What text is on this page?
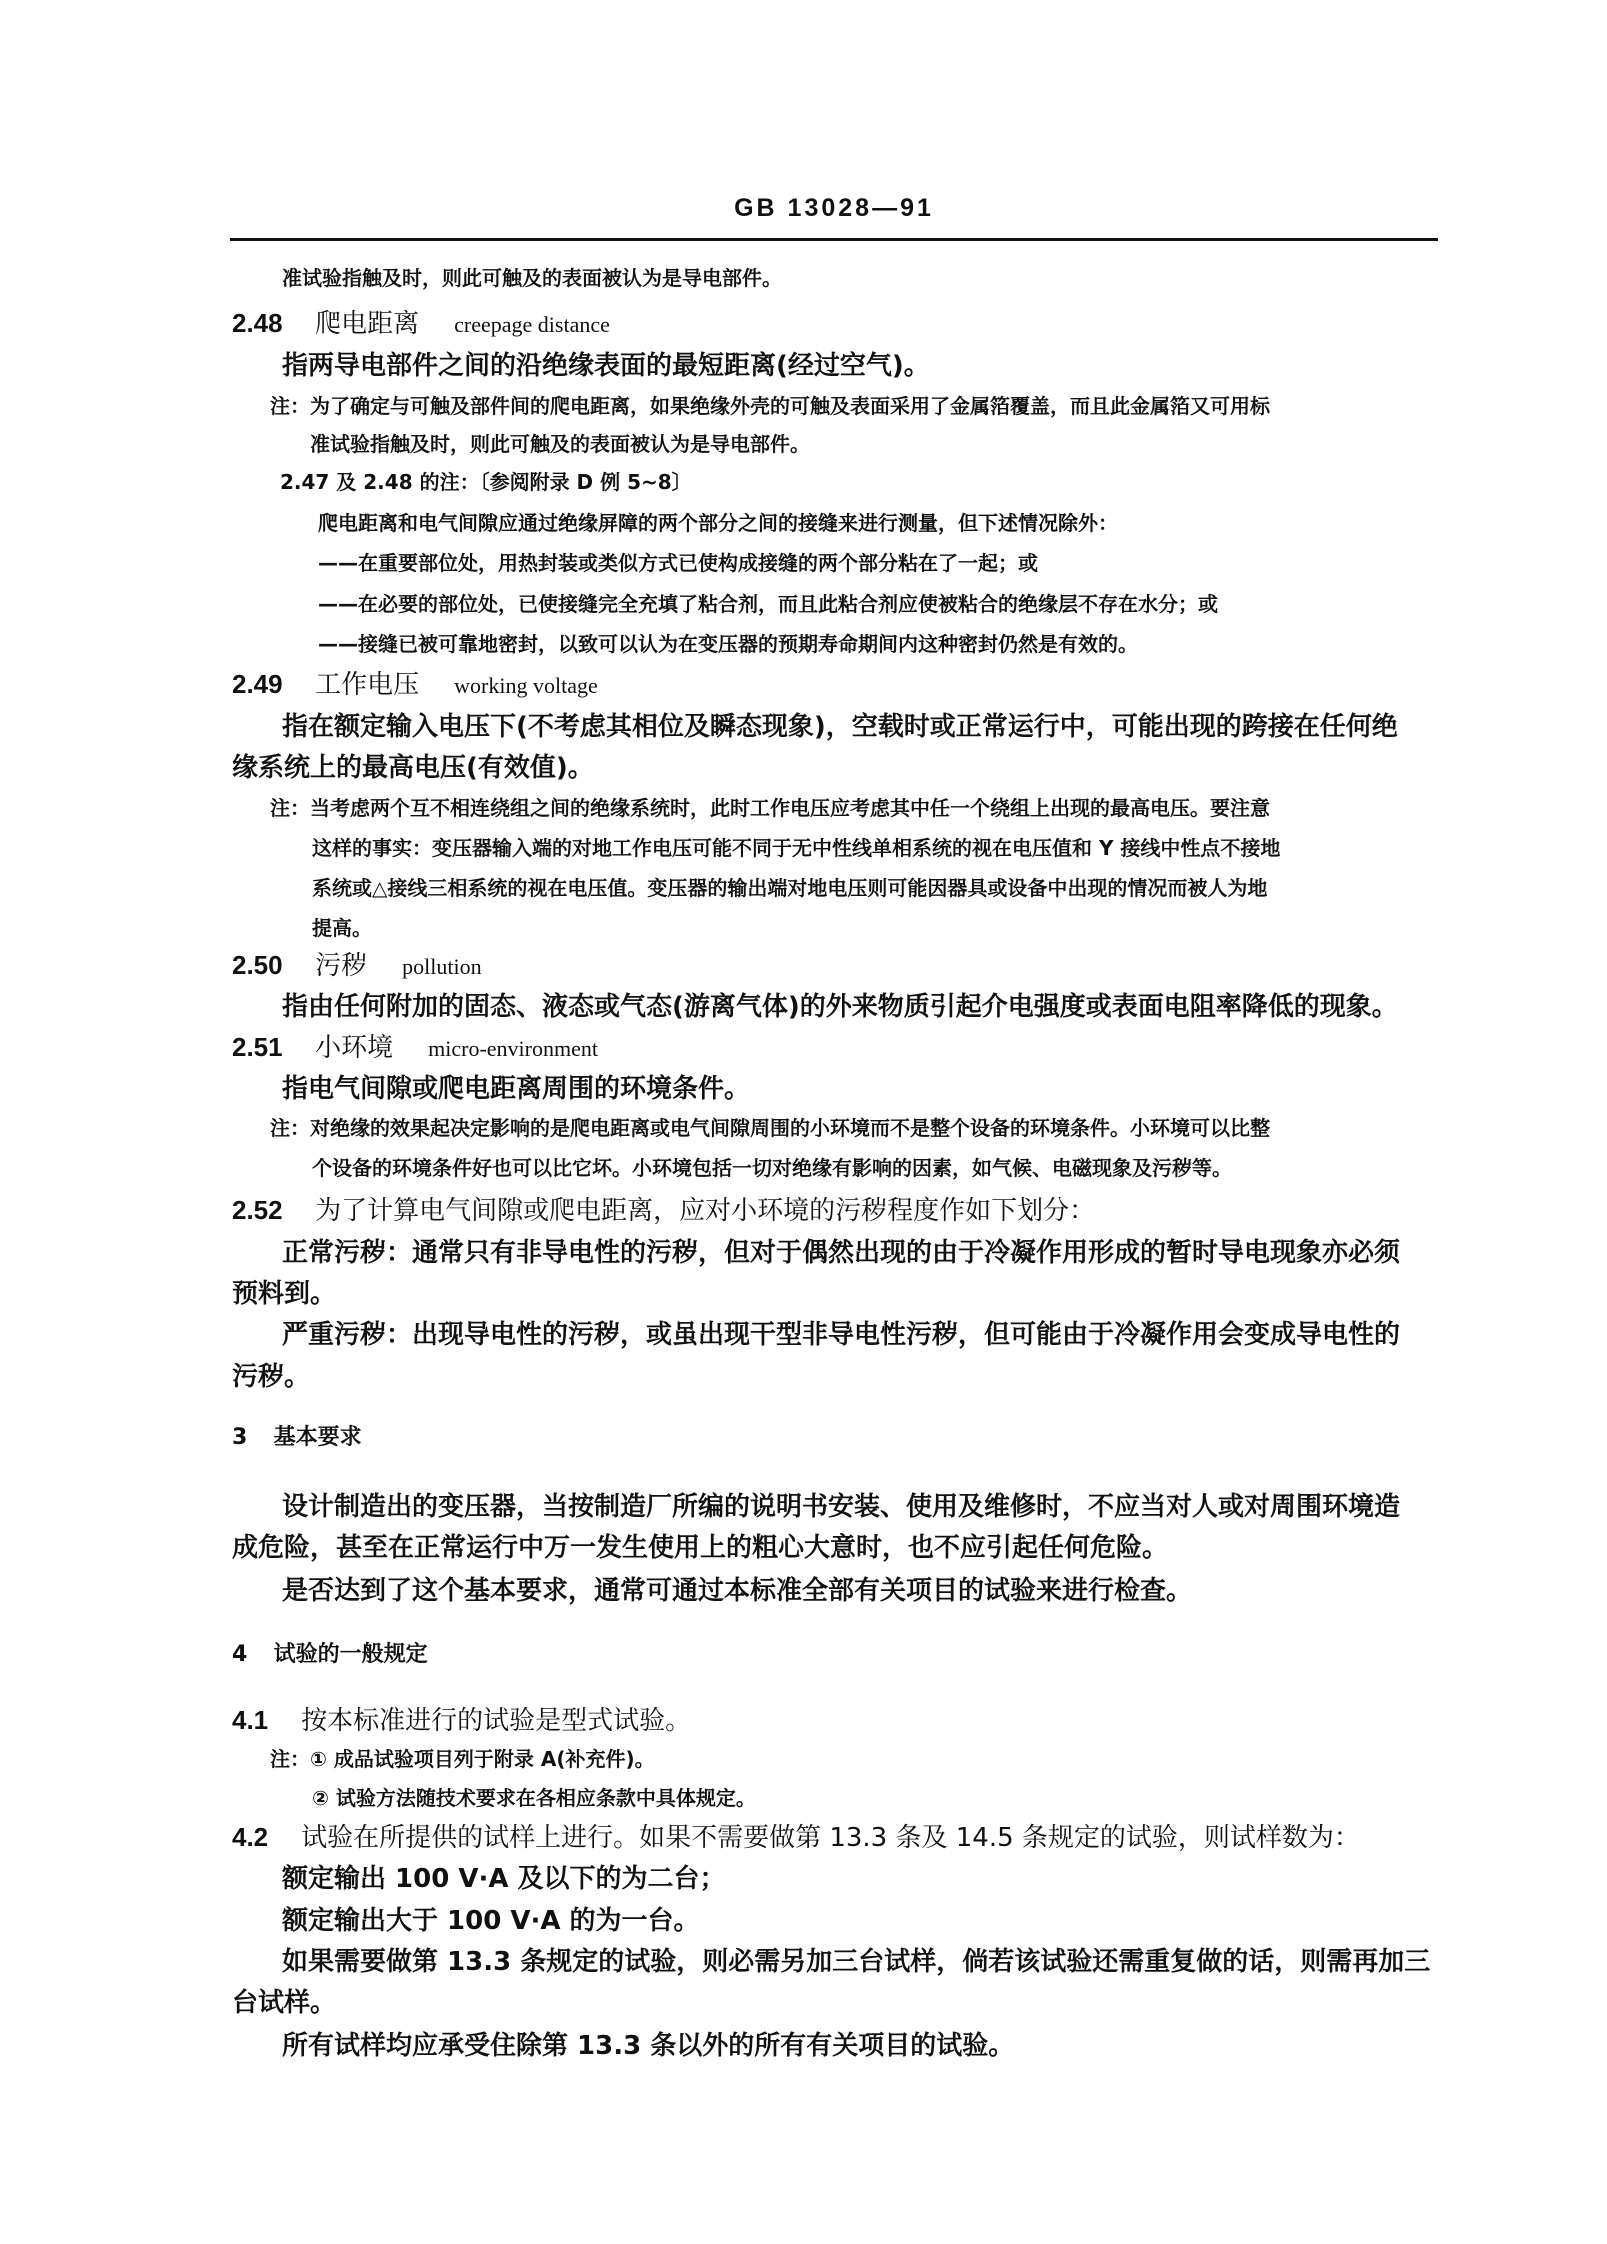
GB 13028—91
准试验指触及时，则此可触及的表面被认为是导电部件。
2.48 爬电距离 creepage distance
指两导电部件之间的沿绝缘表面的最短距离(经过空气)。
注：为了确定与可触及部件间的爬电距离，如果绝缘外壳的可触及表面采用了金属箔覆盖，而且此金属箔又可用标
准试验指触及时，则此可触及的表面被认为是导电部件。
2.47 及 2.48 的注：〔参阅附录 D 例 5~8〕
爬电距离和电气间隙应通过绝缘屏障的两个部分之间的接缝来进行测量，但下述情况除外：
——在重要部位处，用热封装或类似方式已使构成接缝的两个部分粘在了一起；或
——在必要的部位处，已使接缝完全充填了粘合剂，而且此粘合剂应使被粘合的绝缘层不存在水分；或
——接缝已被可靠地密封，以致可以认为在变压器的预期寿命期间内这种密封仍然是有效的。
2.49 工作电压 working voltage
指在额定输入电压下(不考虑其相位及瞬态现象)，空载时或正常运行中，可能出现的跨接在任何绝
缘系统上的最高电压(有效值)。
注：当考虑两个互不相连绕组之间的绝缘系统时，此时工作电压应考虑其中任一个绕组上出现的最高电压。要注意
这样的事实：变压器输入端的对地工作电压可能不同于无中性线单相系统的视在电压值和 Y 接线中性点不接地
系统或△接线三相系统的视在电压值。变压器的输出端对地电压则可能因器具或设备中出现的情况而被人为地
提高。
2.50 污秽 pollution
指由任何附加的固态、液态或气态(游离气体)的外来物质引起介电强度或表面电阻率降低的现象。
2.51 小环境 micro-environment
指电气间隙或爬电距离周围的环境条件。
注：对绝缘的效果起决定影响的是爬电距离或电气间隙周围的小环境而不是整个设备的环境条件。小环境可以比整
个设备的环境条件好也可以比它坏。小环境包括一切对绝缘有影响的因素，如气候、电磁现象及污秽等。
2.52 为了计算电气间隙或爬电距离，应对小环境的污秽程度作如下划分：
正常污秽：通常只有非导电性的污秽，但对于偶然出现的由于冷凝作用形成的暂时导电现象亦必须
预料到。
严重污秽：出现导电性的污秽，或虽出现干型非导电性污秽，但可能由于冷凝作用会变成导电性的
污秽。
3 基本要求
设计制造出的变压器，当按制造厂所编的说明书安装、使用及维修时，不应当对人或对周围环境造
成危险，甚至在正常运行中万一发生使用上的粗心大意时，也不应引起任何危险。
是否达到了这个基本要求，通常可通过本标准全部有关项目的试验来进行检查。
4 试验的一般规定
4.1 按本标准进行的试验是型式试验。
注：① 成品试验项目列于附录 A(补充件)。
② 试验方法随技术要求在各相应条款中具体规定。
4.2 试验在所提供的试样上进行。如果不需要做第 13.3 条及 14.5 条规定的试验，则试样数为：
额定输出 100 V·A 及以下的为二台；
额定输出大于 100 V·A 的为一台。
如果需要做第 13.3 条规定的试验，则必需另加三台试样，倘若该试验还需重复做的话，则需再加三
台试样。
所有试样均应承受住除第 13.3 条以外的所有有关项目的试验。
